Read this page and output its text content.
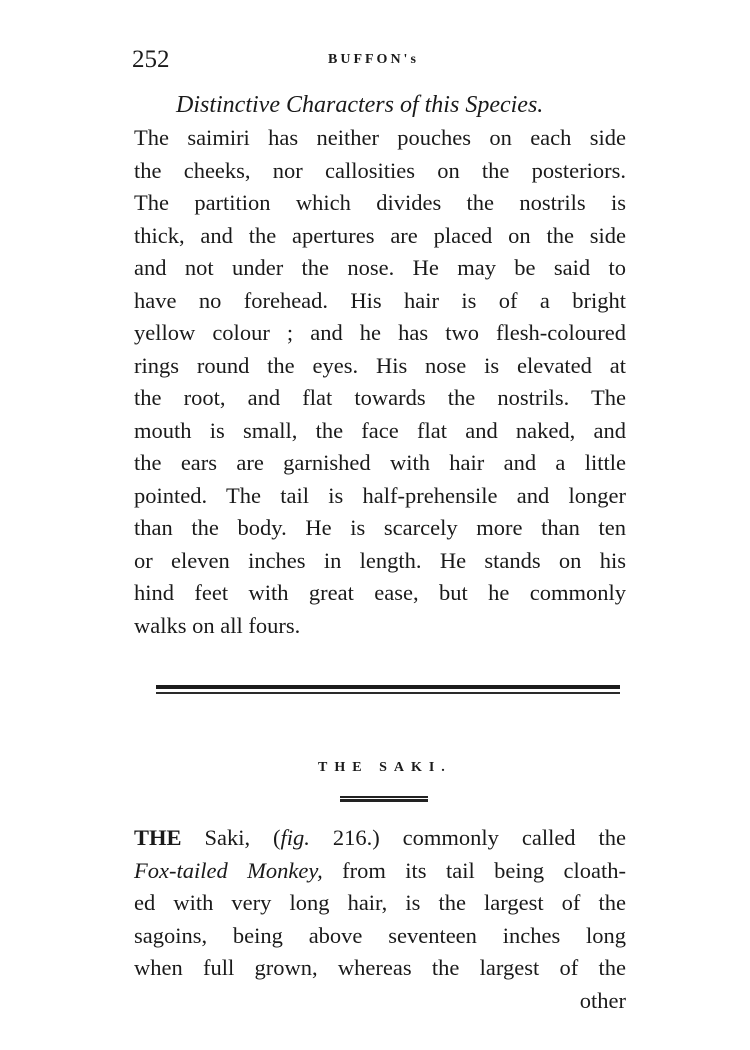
252	BUFFON's
Distinctive Characters of this Species.
The saimiri has neither pouches on each side
the cheeks, nor callosities on the posteriors.
The partition which divides the nostrils is
thick, and the apertures are placed on the side
and not under the nose. He may be said to
have no forehead. His hair is of a bright
yellow colour ; and he has two flesh-coloured
rings round the eyes. His nose is elevated at
the root, and flat towards the nostrils. The
mouth is small, the face flat and naked, and
the ears are garnished with hair and a little
pointed. The tail is half-prehensile and longer
than the body. He is scarcely more than ten
or eleven inches in length. He stands on his
hind feet with great ease, but he commonly
walks on all fours.
THE SAKI.
THE Saki, (fig. 216.) commonly called the
Fox-tailed Monkey, from its tail being cloath-
ed with very long hair, is the largest of the
sagoins, being above seventeen inches long
when full grown, whereas the largest of the
other
